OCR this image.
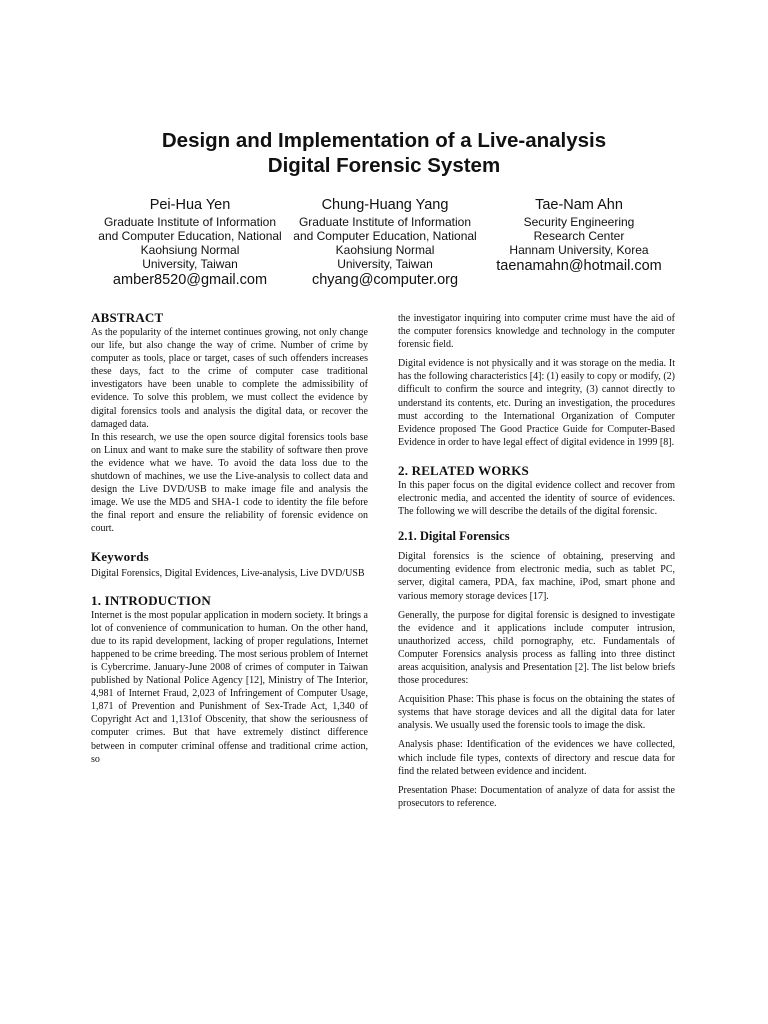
Design and Implementation of a Live-analysis
Digital Forensic System
Pei-Hua Yen
Graduate Institute of Information
and Computer Education, National
Kaohsiung Normal
University, Taiwan
amber8520@gmail.com
Chung-Huang Yang
Graduate Institute of Information
and Computer Education, National
Kaohsiung Normal
University, Taiwan
chyang@computer.org
Tae-Nam Ahn
Security Engineering
Research Center
Hannam University, Korea
taenamahn@hotmail.com
ABSTRACT

As the popularity of the internet continues growing, not only change our life, but also change the way of crime. Number of crime by computer as tools, place or target, cases of such offenders increases these days, fact to the crime of computer case traditional investigators have been unable to complete the admissibility of evidence. To solve this problem, we must collect the evidence by digital forensics tools and analysis the digital data, or recover the damaged data.

In this research, we use the open source digital forensics tools base on Linux and want to make sure the stability of software then prove the evidence what we have. To avoid the data loss due to the shutdown of machines, we use the Live-analysis to collect data and design the Live DVD/USB to make image file and analysis the image. We use the MD5 and SHA-1 code to identity the file before the final report and ensure the reliability of forensic evidence on court.

Keywords

Digital Forensics, Digital Evidences, Live-analysis, Live DVD/USB

1. INTRODUCTION

Internet is the most popular application in modern society. It brings a lot of convenience of communication to human. On the other hand, due to its rapid development, lacking of proper regulations, Internet happened to be crime breeding. The most serious problem of Internet is Cybercrime. January-June 2008 of crimes of computer in Taiwan published by National Police Agency [12], Ministry of The Interior, 4,981 of Internet Fraud, 2,023 of Infringement of Computer Usage, 1,871 of Prevention and Punishment of Sex-Trade Act, 1,340 of Copyright Act and 1,131of Obscenity, that show the seriousness of computer crimes. But that have extremely distinct difference between in computer criminal offense and traditional crime action, so

the investigator inquiring into computer crime must have the aid of the computer forensics knowledge and technology in the computer forensic field.

Digital evidence is not physically and it was storage on the media. It has the following characteristics [4]: (1) easily to copy or modify, (2) difficult to confirm the source and integrity, (3) cannot directly to understand its contents, etc. During an investigation, the procedures must according to the International Organization of Computer Evidence proposed The Good Practice Guide for Computer-Based Evidence in order to have legal effect of digital evidence in 1999 [8].

2. RELATED WORKS

In this paper focus on the digital evidence collect and recover from electronic media, and accented the identity of source of evidences. The following we will describe the details of the digital forensic.

2.1. Digital Forensics

Digital forensics is the science of obtaining, preserving and documenting evidence from electronic media, such as tablet PC, server, digital camera, PDA, fax machine, iPod, smart phone and various memory storage devices [17].

Generally, the purpose for digital forensic is designed to investigate the evidence and it applications include computer intrusion, unauthorized access, child pornography, etc. Fundamentals of Computer Forensics analysis process as falling into three distinct areas acquisition, analysis and Presentation [2]. The list below briefs those procedures:

Acquisition Phase: This phase is focus on the obtaining the states of systems that have storage devices and all the digital data for later analysis. We usually used the forensic tools to image the disk.

Analysis phase: Identification of the evidences we have collected, which include file types, contexts of directory and rescue data for find the related between evidence and incident.

Presentation Phase: Documentation of analyze of data for assist the prosecutors to reference.
